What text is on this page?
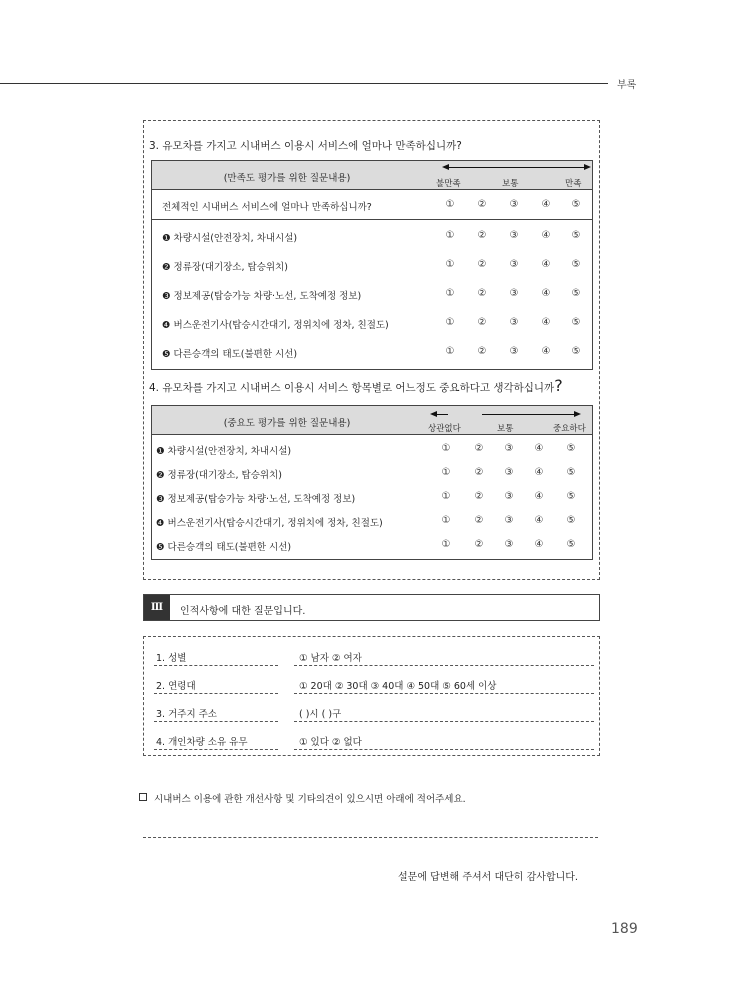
부록
3. 유모차를 가지고 시내버스 이용시 서비스에 얼마나 만족하십니까?
(만족도 평가를 위한 질문내용)	불만족	보통	만족
전체적인 시내버스 서비스에 얼마나 만족하십니까?	① ② ③ ④ ⑤
❶ 차량시설(안전장치, 차내시설)	① ② ③ ④ ⑤
❷ 정류장(대기장소, 탑승위치)	① ② ③ ④ ⑤
❸ 정보제공(탑승가능 차량·노선, 도착예정 정보)	① ② ③ ④ ⑤
❹ 버스운전기사(탑승시간대기, 정위치에 정차, 친절도)	① ② ③ ④ ⑤
❺ 다른승객의 태도(불편한 시선)	① ② ③ ④ ⑤
4. 유모차를 가지고 시내버스 이용시 서비스 항목별로 어느정도 중요하다고 생각하십니까?
(중요도 평가를 위한 질문내용)	상관없다	보통	중요하다
❶ 차량시설(안전장치, 차내시설)	① ② ③ ④ ⑤
❷ 정류장(대기장소, 탑승위치)	① ② ③ ④ ⑤
❸ 정보제공(탑승가능 차량·노선, 도착예정 정보)	① ② ③ ④ ⑤
❹ 버스운전기사(탑승시간대기, 정위치에 정차, 친절도)	① ② ③ ④ ⑤
❺ 다른승객의 태도(불편한 시선)	① ② ③ ④ ⑤
Ⅲ	인적사항에 대한 질문입니다.
1. 성별	① 남자 ② 여자
2. 연령대	① 20대 ② 30대 ③ 40대 ④ 50대 ⑤ 60세 이상
3. 거주지 주소	( )시 ( )구
4. 개인차량 소유 유무	① 있다 ② 없다
시내버스 이용에 관한 개선사항 및 기타의견이 있으시면 아래에 적어주세요.
설문에 답변해 주셔서 대단히 감사합니다.
189
